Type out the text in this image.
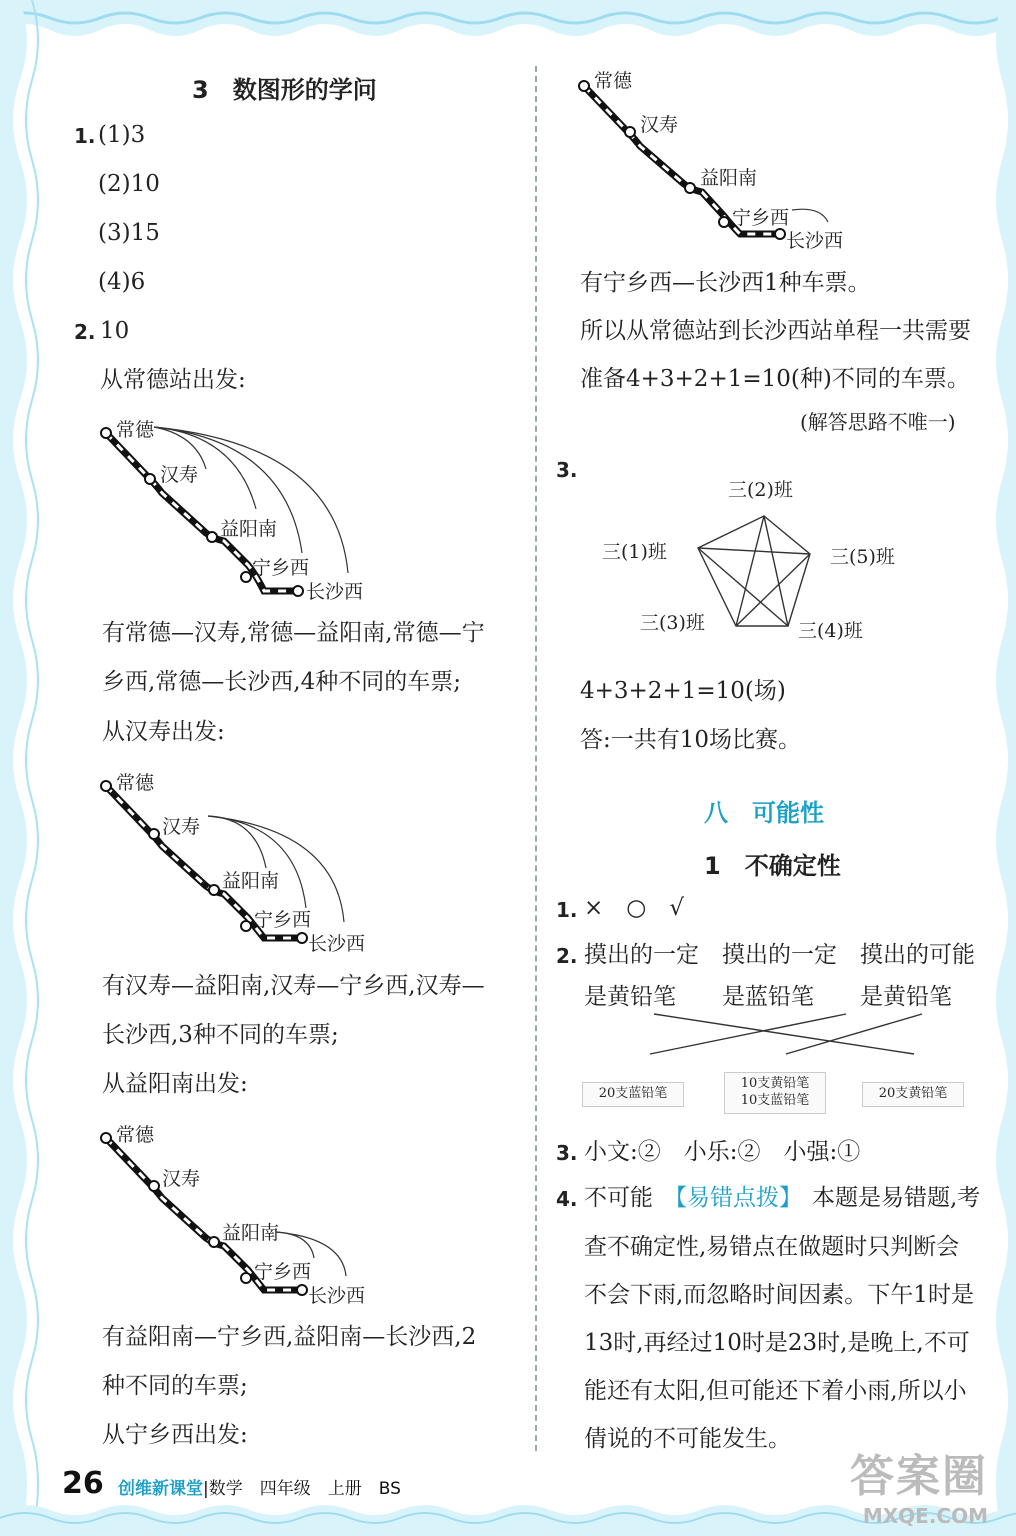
3　数图形的学问
1. (1)3
(2)10
(3)15
(4)6
2. 10
从常德站出发:
常德
汉寿
益阳南
宁乡西
长沙西
有常德—汉寿,常德—益阳南,常德—宁
乡西,常德—长沙西,4种不同的车票;
从汉寿出发:
常德
汉寿
益阳南
宁乡西
长沙西
有汉寿—益阳南,汉寿—宁乡西,汉寿—
长沙西,3种不同的车票;
从益阳南出发:
常德
汉寿
益阳南
宁乡西
长沙西
有益阳南—宁乡西,益阳南—长沙西,2
种不同的车票;
从宁乡西出发:
常德
汉寿
益阳南
宁乡西
长沙西
有宁乡西—长沙西1种车票。
所以从常德站到长沙西站单程一共需要
准备4+3+2+1=10(种)不同的车票。
(解答思路不唯一)
3.
三(2)班
三(1)班	三(5)班
三(3)班	三(4)班
4+3+2+1=10(场)
答:一共有10场比赛。
八　可能性
1　不确定性
1. ×　○　√
2. 摸出的一定
是黄铅笔
摸出的一定
是蓝铅笔
摸出的可能
是黄铅笔
20支蓝铅笔
10支黄铅笔
10支蓝铅笔	20支黄铅笔
3. 小文:②　小乐:②　小强:①
4. 不可能 【易错点拨】 本题是易错题,考
查不确定性,易错点在做题时只判断会
不会下雨,而忽略时间因素。下午1时是
13时,再经过10时是23时,是晚上,不可
能还有太阳,但可能还下着小雨,所以小
倩说的不可能发生。
26 创维新课堂|数学　四年级　上册　BS	答案圈
MXQE.COM
